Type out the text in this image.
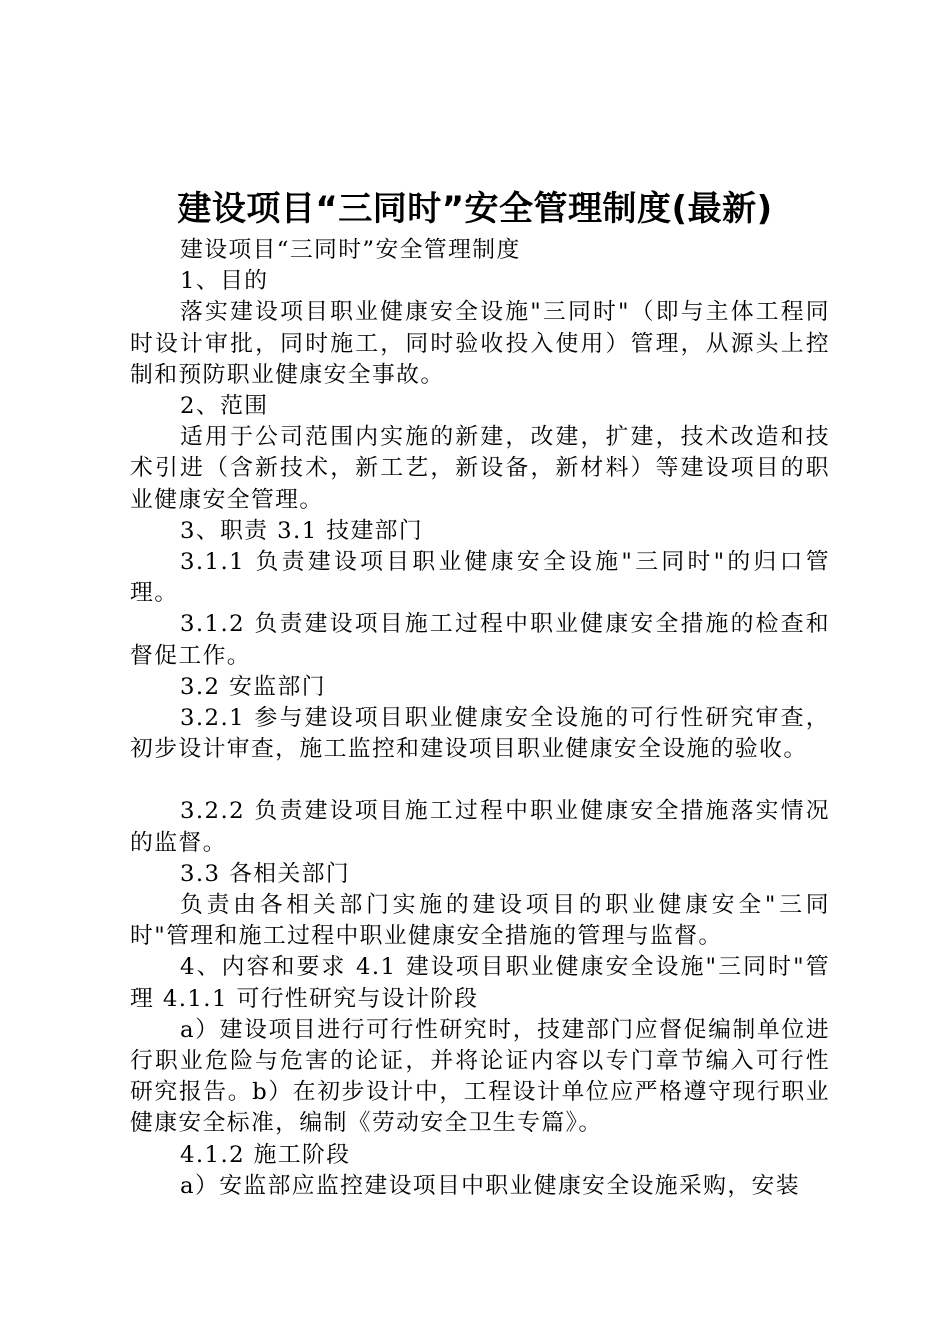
建设项目“三同时”安全管理制度(最新)

建设项目“三同时”安全管理制度

1、目的

落实建设项目职业健康安全设施"三同时"（即与主体工程同时设计审批，同时施工，同时验收投入使用）管理，从源头上控制和预防职业健康安全事故。

2、范围

适用于公司范围内实施的新建，改建，扩建，技术改造和技术引进（含新技术，新工艺，新设备，新材料）等建设项目的职业健康安全管理。

3、职责 3.1 技建部门

3.1.1 负责建设项目职业健康安全设施"三同时"的归口管理。

3.1.2 负责建设项目施工过程中职业健康安全措施的检查和督促工作。

3.2 安监部门

3.2.1 参与建设项目职业健康安全设施的可行性研究审查，初步设计审查，施工监控和建设项目职业健康安全设施的验收。

3.2.2 负责建设项目施工过程中职业健康安全措施落实情况的监督。

3.3 各相关部门

负责由各相关部门实施的建设项目的职业健康安全"三同时"管理和施工过程中职业健康安全措施的管理与监督。

4、内容和要求 4.1 建设项目职业健康安全设施"三同时"管理 4.1.1 可行性研究与设计阶段

a）建设项目进行可行性研究时，技建部门应督促编制单位进行职业危险与危害的论证，并将论证内容以专门章节编入可行性研究报告。b）在初步设计中，工程设计单位应严格遵守现行职业健康安全标准，编制《劳动安全卫生专篇》。

4.1.2 施工阶段

a）安监部应监控建设项目中职业健康安全设施采购，安装
